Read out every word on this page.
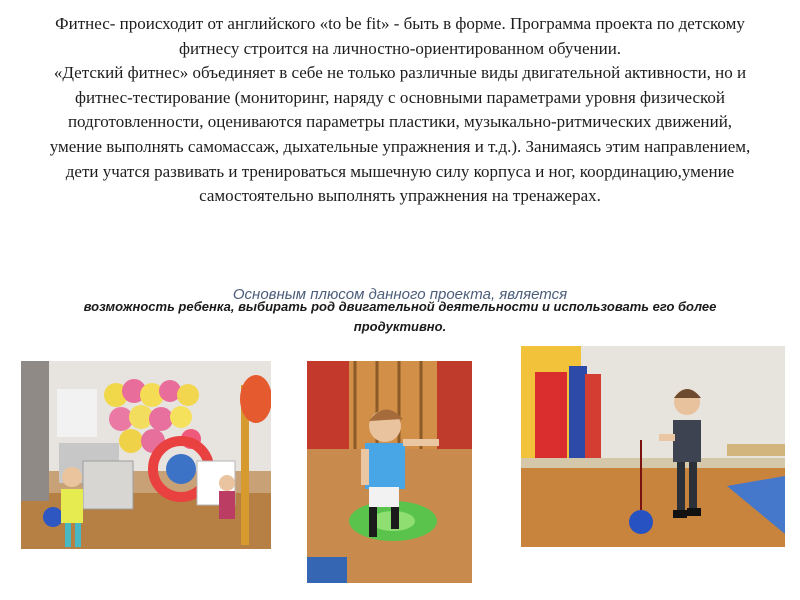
Фитнес- происходит от английского «to be fit» - быть в форме. Программа проекта по детскому фитнесу строится на личностно-ориентированном обучении.

«Детский фитнес» объединяет в себе не только различные виды двигательной активности, но и фитнес-тестирование (мониторинг, наряду с основными параметрами уровня физической подготовленности, оцениваются параметры пластики, музыкально-ритмических движений, умение выполнять самомассаж, дыхательные упражнения и т.д.). Занимаясь этим направлением, дети учатся развивать и тренироваться мышечную силу корпуса и ног, координацию,умение самостоятельно выполнять упражнения на тренажерах.

Основным плюсом данного проекта, является
возможность ребенка, выбирать род двигательной деятельности и использовать его более продуктивно.
